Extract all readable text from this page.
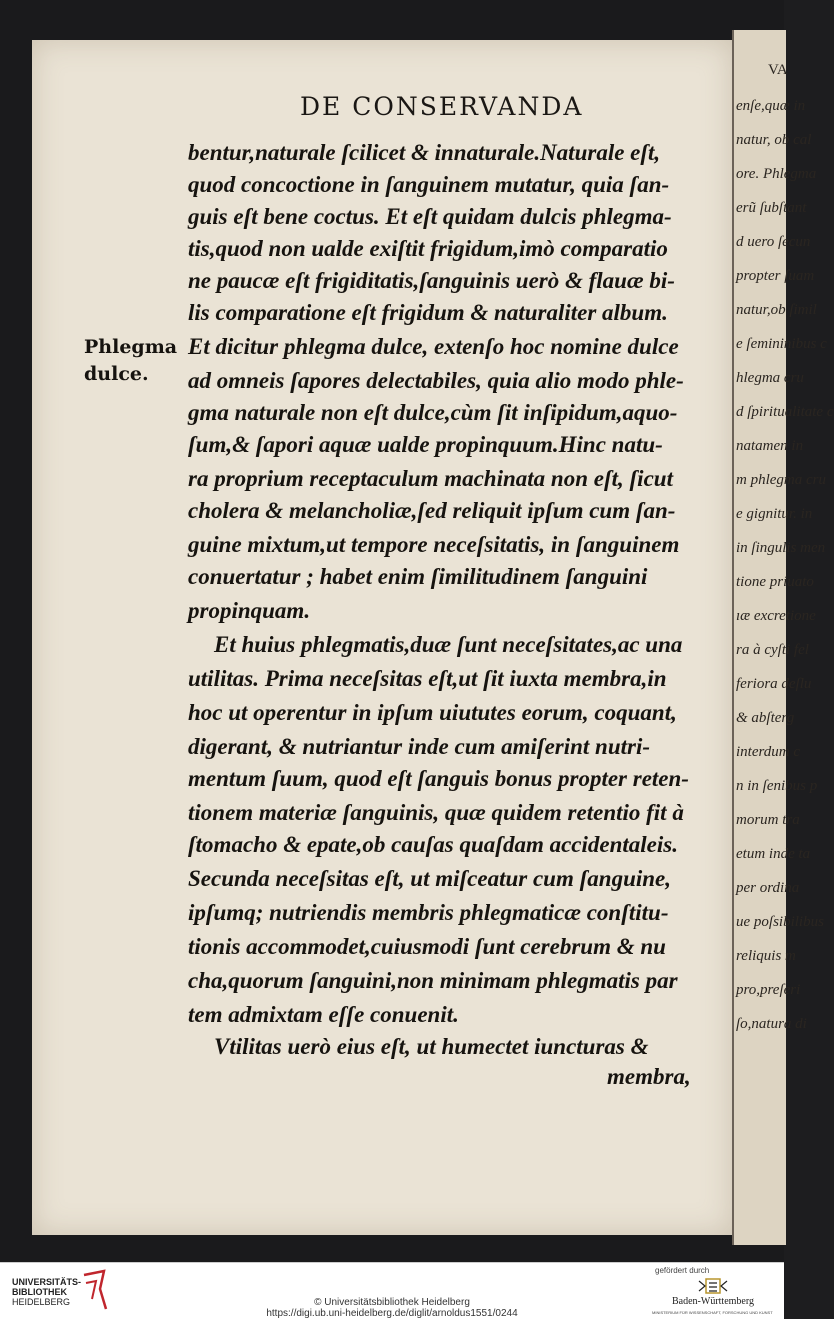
VA
enſe,quæ in
natur, ob cal
ore. Phlegma
erũ ſubſtant
d uero ſecun
propter ſuam
natur,ob ſimil
e ſemininibus c
hlegma cru
d ſpiritualitate c
natamen in
m phlegma cru
e gignitur. in
in ſingulis men
tione priuato
ıæ excretione
ra à cyſti fel
feriora deſlu
& abſterg
interdum c
n in ſenibus p
morum tra
etum inde ta
per ordina
ue poſsibilibus
reliquis m
pro,preſeri
ſo,natura di
DE CONSERVANDA
bentur,naturale ſcilicet & innaturale.Naturale eſt,
quod concoctione in ſanguinem mutatur, quia ſan-
guis eſt bene coctus. Et eſt quidam dulcis phlegma-
tis,quod non ualde exiſtit frigidum,imò comparatio
ne paucæ eſt frigiditatis,ſanguinis uerò & flauæ bi-
lis comparatione eſt frigidum & naturaliter album.
Et dicitur phlegma dulce, extenſo hoc nomine dulce
ad omneis ſapores delectabiles, quia alio modo phle-
gma naturale non eſt dulce,cùm ſit inſipidum,aquo-
ſum,& ſapori aquæ ualde propinquum.Hinc natu-
ra proprium receptaculum machinata non eſt, ſicut
cholera & melancholiæ,ſed reliquit ipſum cum ſan-
guine mixtum,ut tempore neceſsitatis, in ſanguinem
conuertatur ; habet enim ſimilitudinem ſanguini
propinquam.
Et huius phlegmatis,duæ ſunt neceſsitates,ac una
utilitas. Prima neceſsitas eſt,ut ſit iuxta membra,in
hoc ut operentur in ipſum uiututes eorum, coquant,
digerant, & nutriantur inde cum amiſerint nutri-
mentum ſuum, quod eſt ſanguis bonus propter reten-
tionem materiæ ſanguinis, quæ quidem retentio fit à
ſtomacho & epate,ob cauſas quaſdam accidentaleis.
Secunda neceſsitas eſt, ut miſceatur cum ſanguine,
ipſumq; nutriendis membris phlegmaticæ conſtitu-
tionis accommodet,cuiusmodi ſunt cerebrum & nu
cha,quorum ſanguini,non minimam phlegmatis par
tem admixtam eſſe conuenit.
Vtilitas uerò eius eſt, ut humectet iuncturas &
Phlegma
dulce.
membra,
UNIVERSITÄTS-
BIBLIOTHEK
HEIDELBERG	© Universitätsbibliothek Heidelberg
https://digi.ub.uni-heidelberg.de/diglit/arnoldus1551/0244
gefördert durch
Baden-Württemberg
MINISTERIUM FÜR WISSENSCHAFT, FORSCHUNG UND KUNST
